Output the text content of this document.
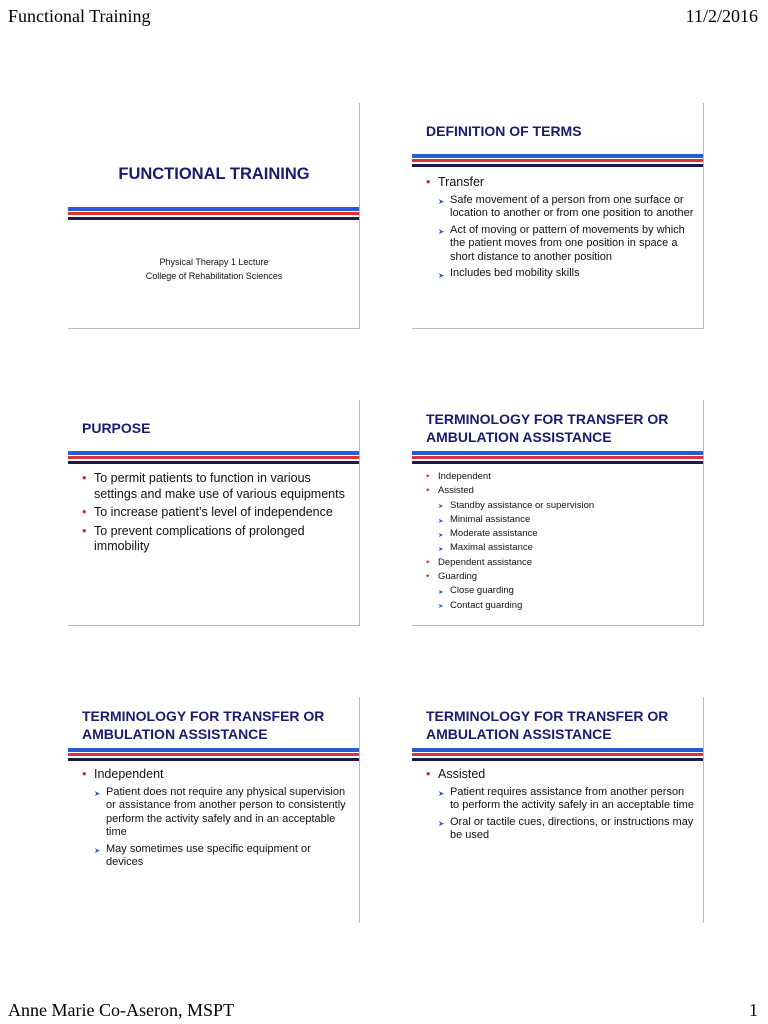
Functional Training	11/2/2016
FUNCTIONAL TRAINING
Physical Therapy 1 Lecture
College of Rehabilitation Sciences
DEFINITION OF TERMS
• Transfer
➤ Safe movement of a person from one surface or location to another or from one position to another
➤ Act of moving or pattern of movements by which the patient moves from one position in space a short distance to another position
➤ Includes bed mobility skills
PURPOSE
• To permit patients to function in various settings and make use of various equipments
• To increase patient’s level of independence
• To prevent complications of prolonged immobility
TERMINOLOGY FOR TRANSFER OR AMBULATION ASSISTANCE
• Independent
• Assisted
➤ Standby assistance or supervision
➤ Minimal assistance
➤ Moderate assistance
➤ Maximal assistance
• Dependent assistance
• Guarding
➤ Close guarding
➤ Contact guarding
TERMINOLOGY FOR TRANSFER OR AMBULATION ASSISTANCE
• Independent
➤ Patient does not require any physical supervision or assistance from another person to consistently perform the activity safely and in an acceptable time
➤ May sometimes use specific equipment or devices
TERMINOLOGY FOR TRANSFER OR AMBULATION ASSISTANCE
• Assisted
➤ Patient requires assistance from another person to perform the activity safely in an acceptable time
➤ Oral or tactile cues, directions, or instructions may be used
Anne Marie Co-Aseron, MSPT	1
